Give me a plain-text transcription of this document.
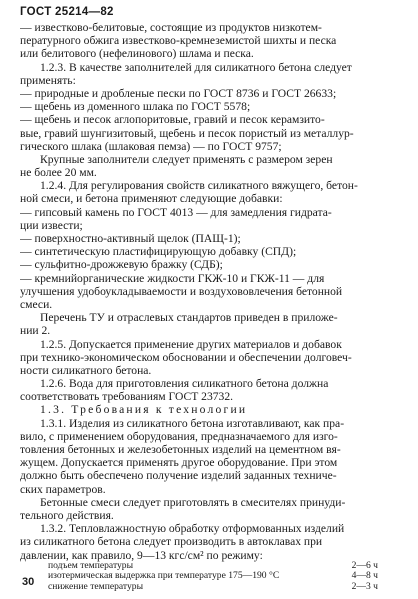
ГОСТ 25214—82
— известково-белитовые, состоящие из продуктов низкотем-
пературного обжига известково-кремнеземистой шихты и песка
или белитового (нефелинового) шлама и песка.
1.2.3. В качестве заполнителей для силикатного бетона следует
применять:
— природные и дробленые пески по ГОСТ 8736 и ГОСТ 26633;
— щебень из доменного шлака по ГОСТ 5578;
— щебень и песок аглопоритовые, гравий и песок керамзито-
вые, гравий шунгизитовый, щебень и песок пористый из металлур-
гического шлака (шлаковая пемза) — по ГОСТ 9757;
Крупные заполнители следует применять с размером зерен
не более 20 мм.
1.2.4. Для регулирования свойств силикатного вяжущего, бетон-
ной смеси, и бетона применяют следующие добавки:
— гипсовый камень по ГОСТ 4013 — для замедления гидрата-
ции извести;
— поверхностно-активный щелок (ПАЩ-1);
— синтетическую пластифицирующую добавку (СПД);
— сульфитно-дрожжевую бражку (СДБ);
— кремнийорганические жидкости ГКЖ-10 и ГКЖ-11 — для
улучшения удобоукладываемости и воздухововлечения бетонной
смеси.
Перечень ТУ и отраслевых стандартов приведен в приложе-
нии 2.
1.2.5. Допускается применение других материалов и добавок
при технико-экономическом обосновании и обеспечении долговеч-
ности силикатного бетона.
1.2.6. Вода для приготовления силикатного бетона должна
соответствовать требованиям ГОСТ 23732.
1.3. Требования к технологии
1.3.1. Изделия из силикатного бетона изготавливают, как пра-
вило, с применением оборудования, предназначаемого для изго-
товления бетонных и железобетонных изделий на цементном вя-
жущем. Допускается применять другое оборудование. При этом
должно быть обеспечено получение изделий заданных техниче-
ских параметров.
Бетонные смеси следует приготовлять в смесителях принуди-
тельного действия.
1.3.2. Тепловлажностную обработку отформованных изделий
из силикатного бетона следует производить в автоклавах при
давлении, как правило, 9—13 кгс/см² по режиму:
подъем температуры	2—6 ч
изотермическая выдержка при температуре 175—190 °С	4—8 ч
снижение температуры	2—3 ч
30
